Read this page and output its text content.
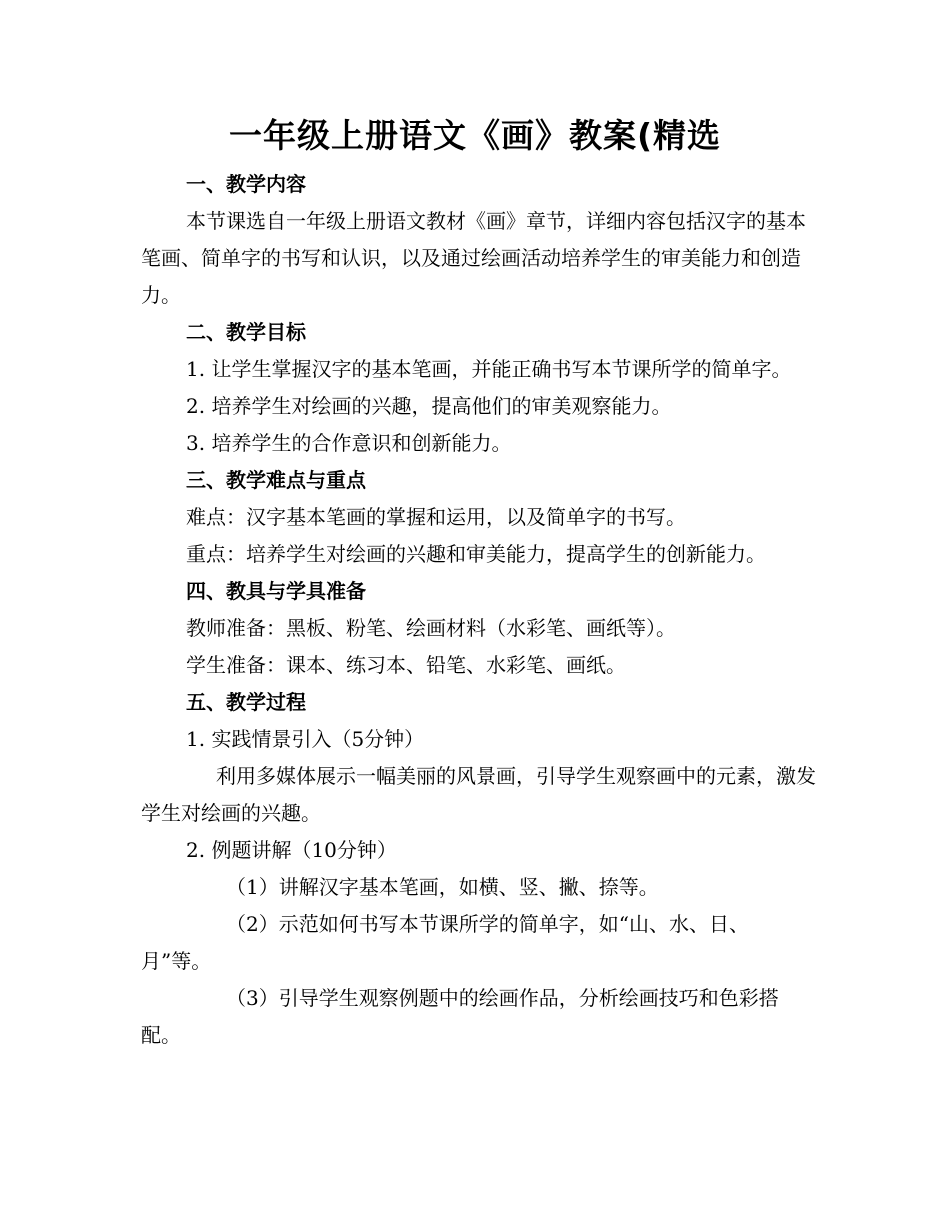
一年级上册语文《画》教案(精选

一、教学内容

本节课选自一年级上册语文教材《画》章节，详细内容包括汉字的基本笔画、简单字的书写和认识，以及通过绘画活动培养学生的审美能力和创造力。

二、教学目标

1. 让学生掌握汉字的基本笔画，并能正确书写本节课所学的简单字。

2. 培养学生对绘画的兴趣，提高他们的审美观察能力。

3. 培养学生的合作意识和创新能力。

三、教学难点与重点

难点：汉字基本笔画的掌握和运用，以及简单字的书写。

重点：培养学生对绘画的兴趣和审美能力，提高学生的创新能力。

四、教具与学具准备

教师准备：黑板、粉笔、绘画材料（水彩笔、画纸等）。

学生准备：课本、练习本、铅笔、水彩笔、画纸。

五、教学过程

1. 实践情景引入（5分钟）

利用多媒体展示一幅美丽的风景画，引导学生观察画中的元素，激发学生对绘画的兴趣。

2. 例题讲解（10分钟）

（1）讲解汉字基本笔画，如横、竖、撇、捺等。

（2）示范如何书写本节课所学的简单字，如“山、水、日、月”等。

（3）引导学生观察例题中的绘画作品，分析绘画技巧和色彩搭配。
